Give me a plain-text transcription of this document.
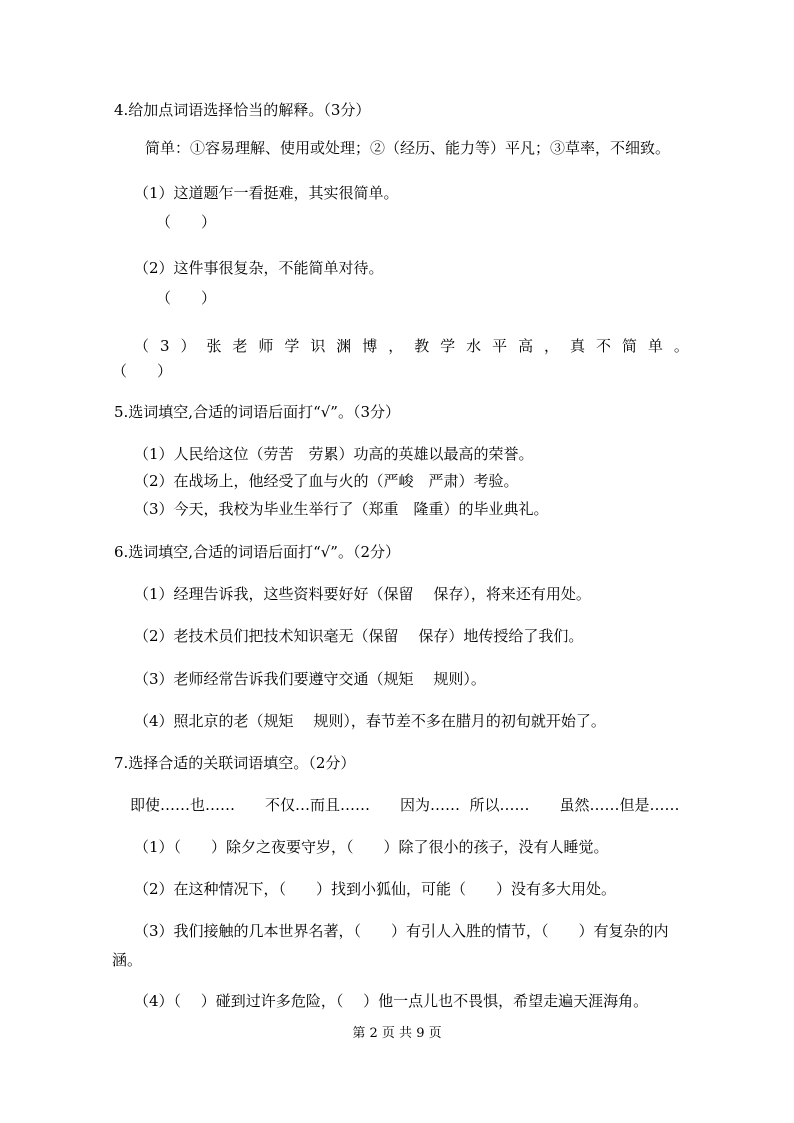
4.给加点词语选择恰当的解释。（3分）
简单：①容易理解、使用或处理；②（经历、能力等）平凡；③草率，不细致。
（1）这道题乍一看挺难，其实很简单。
（　　）
（2）这件事很复杂，不能简单对待。
（　　）
（ 3 ） 张 老 师 学 识 渊 博 ， 教 学 水 平 高 ， 真 不 简 单 。
（　　）
5.选词填空,合适的词语后面打“√”。（3分）
（1）人民给这位（劳苦　劳累）功高的英雄以最高的荣誉。
（2）在战场上，他经受了血与火的（严峻　严肃）考验。
（3）今天，我校为毕业生举行了（郑重　隆重）的毕业典礼。
6.选词填空,合适的词语后面打“√”。（2分）
（1）经理告诉我，这些资料要好好（保留　 保存），将来还有用处。
（2）老技术员们把技术知识毫无（保留　 保存）地传授给了我们。
（3）老师经常告诉我们要遵守交通（规矩　 规则）。
（4）照北京的老（规矩　 规则），春节差不多在腊月的初旬就开始了。
7.选择合适的关联词语填空。（2分）
即使……也……　　不仅…而且……　　因为……  所以……　　虽然……但是……
（1）（　　）除夕之夜要守岁，（　　）除了很小的孩子，没有人睡觉。
（2）在这种情况下，（　　）找到小狐仙，可能（　　）没有多大用处。
（3）我们接触的几本世界名著，（　　）有引人入胜的情节，（　　）有复杂的内
涵。
（4）（　 ）碰到过许多危险，（　 ）他一点儿也不畏惧，希望走遍天涯海角。
第 2 页 共 9 页
